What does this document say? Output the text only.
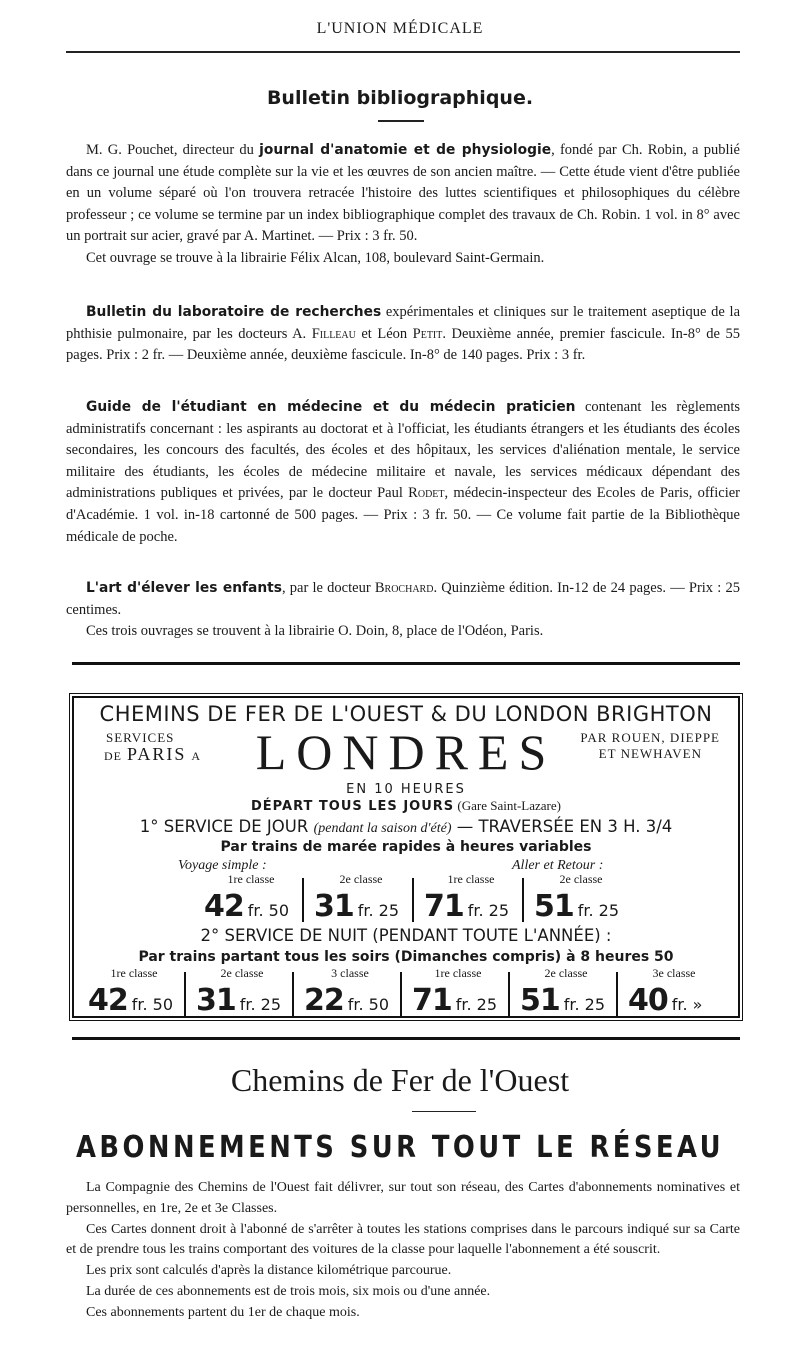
L'UNION MÉDICALE
Bulletin bibliographique.

M. G. Pouchet, directeur du journal d'anatomie et de physiologie, fondé par Ch. Robin, a publié dans ce journal une étude complète sur la vie et les œuvres de son ancien maître. — Cette étude vient d'être publiée en un volume séparé où l'on trouvera retracée l'histoire des luttes scientifiques et philosophiques du célèbre professeur ; ce volume se termine par un index bibliographique complet des travaux de Ch. Robin. 1 vol. in 8° avec un portrait sur acier, gravé par A. Martinet. — Prix : 3 fr. 50.

Cet ouvrage se trouve à la librairie Félix Alcan, 108, boulevard Saint-Germain.

Bulletin du laboratoire de recherches expérimentales et cliniques sur le traitement aseptique de la phthisie pulmonaire, par les docteurs A. Filleau et Léon Petit. Deuxième année, premier fascicule. In-8° de 55 pages. Prix : 2 fr. — Deuxième année, deuxième fascicule. In-8° de 140 pages. Prix : 3 fr.

Guide de l'étudiant en médecine et du médecin praticien contenant les règlements administratifs concernant : les aspirants au doctorat et à l'officiat, les étudiants étrangers et les étudiants des écoles secondaires, les concours des facultés, des écoles et des hôpitaux, les services d'aliénation mentale, le service militaire des étudiants, les écoles de médecine militaire et navale, les services médicaux dépendant des administrations publiques et privées, par le docteur Paul Rodet, médecin-inspecteur des Ecoles de Paris, officier d'Académie. 1 vol. in-18 cartonné de 500 pages. — Prix : 3 fr. 50. — Ce volume fait partie de la Bibliothèque médicale de poche.

L'art d'élever les enfants, par le docteur Brochard. Quinzième édition. In-12 de 24 pages. — Prix : 25 centimes.

Ces trois ouvrages se trouvent à la librairie O. Doin, 8, place de l'Odéon, Paris.

CHEMINS DE FER DE L'OUEST & DU LONDON BRIGHTON
SERVICES
DE PARIS A	LONDRES	PAR ROUEN, DIEPPE
ET NEWHAVEN
EN 10 HEURES
DÉPART TOUS LES JOURS (Gare Saint-Lazare)
1° SERVICE DE JOUR (pendant la saison d'été) — TRAVERSÉE EN 3 H. 3/4
Par trains de marée rapides à heures variables
Voyage simple :	Aller et Retour :
1re classe
42 fr. 50
2e classe
31 fr. 25
1re classe
71 fr. 25
2e classe
51 fr. 25
2° SERVICE DE NUIT (PENDANT TOUTE L'ANNÉE) :
Par trains partant tous les soirs (Dimanches compris) à 8 heures 50
1re classe
42 fr. 50
2e classe
31 fr. 25
3 classe
22 fr. 50
1re classe
71 fr. 25
2e classe
51 fr. 25
3e classe
40 fr. »
Chemins de Fer de l'Ouest
ABONNEMENTS SUR TOUT LE RÉSEAU

La Compagnie des Chemins de l'Ouest fait délivrer, sur tout son réseau, des Cartes d'abonnements nominatives et personnelles, en 1re, 2e et 3e Classes.

Ces Cartes donnent droit à l'abonné de s'arrêter à toutes les stations comprises dans le parcours indiqué sur sa Carte et de prendre tous les trains comportant des voitures de la classe pour laquelle l'abonnement a été souscrit.

Les prix sont calculés d'après la distance kilométrique parcourue.

La durée de ces abonnements est de trois mois, six mois ou d'une année.

Ces abonnements partent du 1er de chaque mois.
